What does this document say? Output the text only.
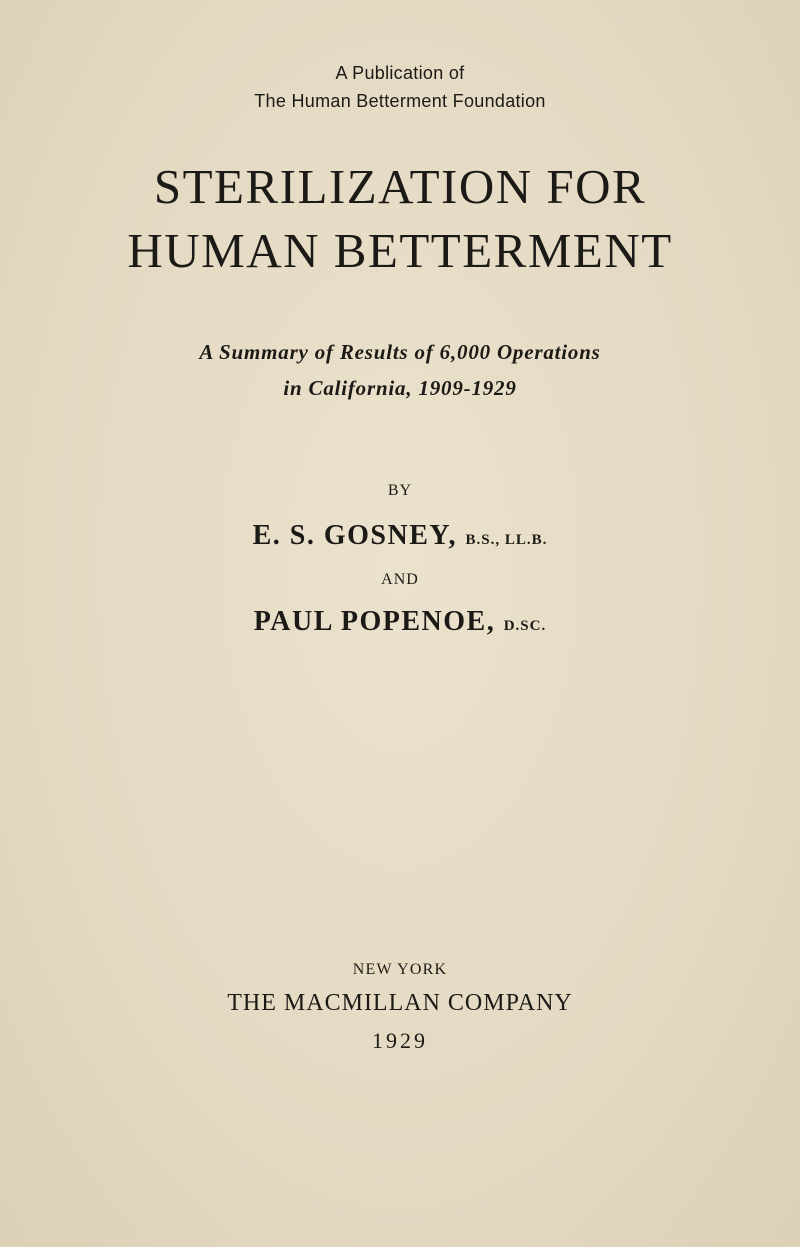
A Publication of
The Human Betterment Foundation
STERILIZATION FOR
HUMAN BETTERMENT
A Summary of Results of 6,000 Operations
in California, 1909-1929
BY
E. S. GOSNEY, B.S., LL.B.
AND
PAUL POPENOE, D.SC.
NEW YORK
THE MACMILLAN COMPANY
1929
